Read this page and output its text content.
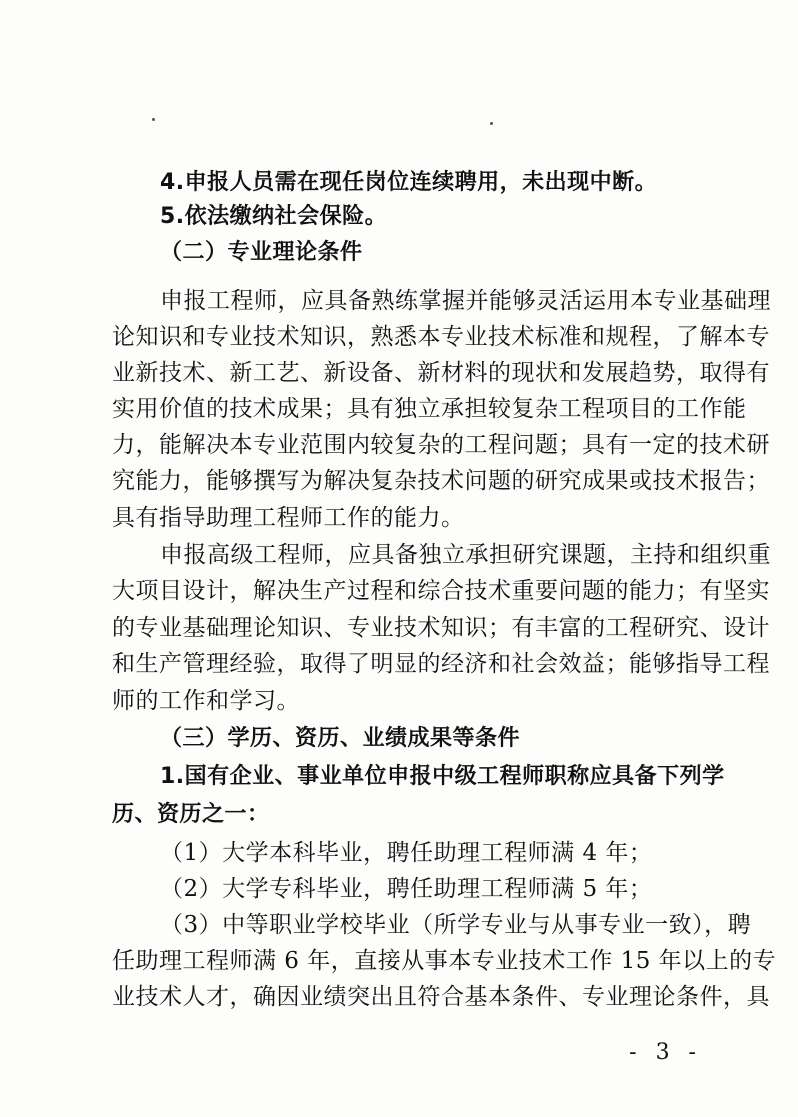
4.申报人员需在现任岗位连续聘用，未出现中断。
5.依法缴纳社会保险。
（二）专业理论条件
申报工程师，应具备熟练掌握并能够灵活运用本专业基础理
论知识和专业技术知识，熟悉本专业技术标准和规程，了解本专
业新技术、新工艺、新设备、新材料的现状和发展趋势，取得有
实用价值的技术成果；具有独立承担较复杂工程项目的工作能
力，能解决本专业范围内较复杂的工程问题；具有一定的技术研
究能力，能够撰写为解决复杂技术问题的研究成果或技术报告；
具有指导助理工程师工作的能力。
申报高级工程师，应具备独立承担研究课题，主持和组织重
大项目设计，解决生产过程和综合技术重要问题的能力；有坚实
的专业基础理论知识、专业技术知识；有丰富的工程研究、设计
和生产管理经验，取得了明显的经济和社会效益；能够指导工程
师的工作和学习。
（三）学历、资历、业绩成果等条件
1.国有企业、事业单位申报中级工程师职称应具备下列学
历、资历之一：
（1）大学本科毕业，聘任助理工程师满 4 年；
（2）大学专科毕业，聘任助理工程师满 5 年；
（3）中等职业学校毕业（所学专业与从事专业一致），聘
任助理工程师满 6 年，直接从事本专业技术工作 15 年以上的专
业技术人才，确因业绩突出且符合基本条件、专业理论条件，具
- 3 -
